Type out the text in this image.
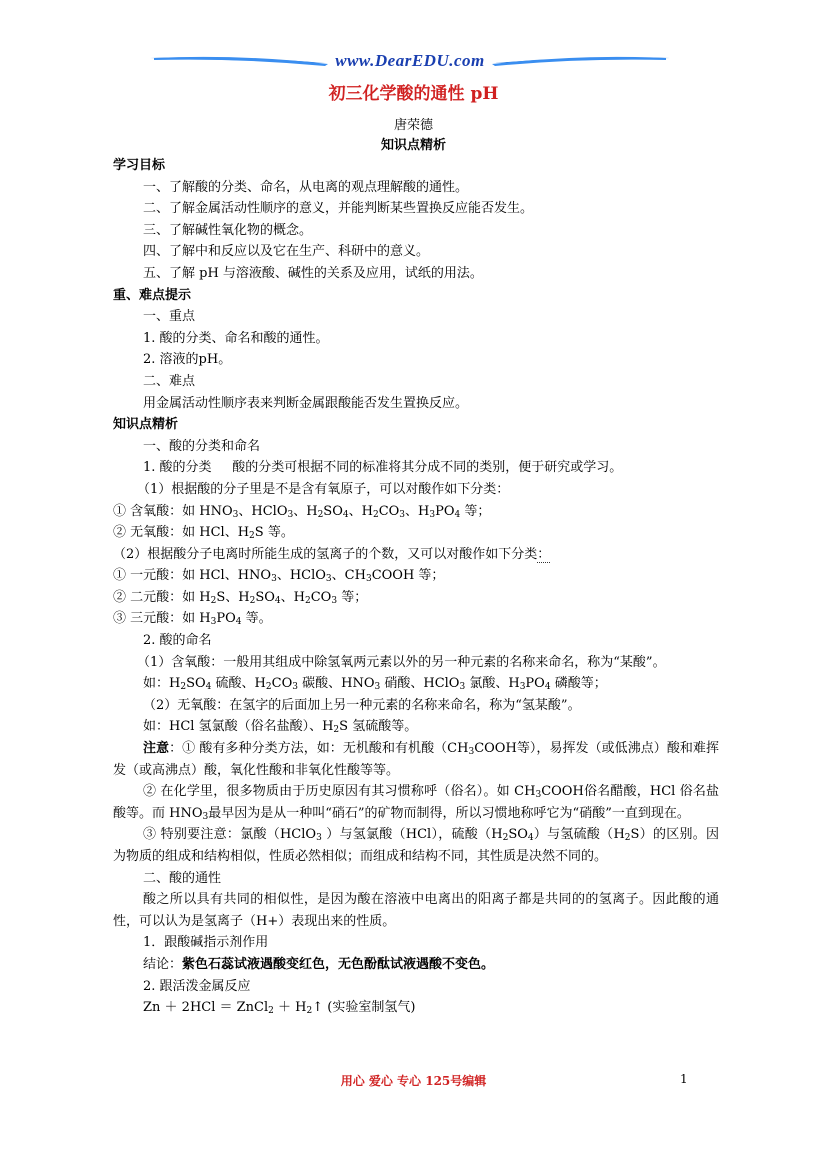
www.DearEDU.com
初三化学酸的通性 pH
唐荣德
知识点精析

学习目标

一、了解酸的分类、命名，从电离的观点理解酸的通性。

二、了解金属活动性顺序的意义，并能判断某些置换反应能否发生。

三、了解碱性氧化物的概念。

四、了解中和反应以及它在生产、科研中的意义。

五、了解 pH 与溶液酸、碱性的关系及应用，试纸的用法。

重、难点提示

一、重点

1. 酸的分类、命名和酸的通性。

2. 溶液的pH。

二、难点

用金属活动性顺序表来判断金属跟酸能否发生置换反应。

知识点精析

一、酸的分类和命名

1. 酸的分类 酸的分类可根据不同的标准将其分成不同的类别，便于研究或学习。

（1）根据酸的分子里是不是含有氧原子，可以对酸作如下分类：

① 含氧酸：如 $HNO_3$、HClO$_3$、$H_2SO_4$、$H_2CO_3$、$H_3PO_4$ 等；

② 无氧酸：如 HCl、$H_2S$ 等。

（2）根据酸分子电离时所能生成的氢离子的个数，又可以对酸作如下分类：

① 一元酸：如 HCl、$HNO_3$、HClO$_3$、$CH_3COOH$ 等；

② 二元酸：如 $H_2S$、$H_2SO_4$、$H_2CO_3$ 等；

③ 三元酸：如 $H_3PO_4$ 等。

2. 酸的命名

（1）含氧酸：一般用其组成中除氢氧两元素以外的另一种元素的名称来命名，称为“某酸”。

如：$H_2SO_4$ 硫酸、$H_2CO_3$ 碳酸、$HNO_3$ 硝酸、HClO$_3$ 氯酸、$H_3PO_4$ 磷酸等；

（2）无氧酸：在氢字的后面加上另一种元素的名称来命名，称为“氢某酸”。

如：HCl 氢氯酸（俗名盐酸）、$H_2S$ 氢硫酸等。

注意：① 酸有多种分类方法，如：无机酸和有机酸（$CH_3COOH$等），易挥发（或低沸点）酸和难挥发（或高沸点）酸，氧化性酸和非氧化性酸等等。

② 在化学里，很多物质由于历史原因有其习惯称呼（俗名）。如 $CH_3COOH$俗名醋酸，HCl 俗名盐酸等。而 $HNO_3$最早因为是从一种叫“硝石”的矿物而制得，所以习惯地称呼它为“硝酸”一直到现在。

③ 特别要注意：氯酸（HClO$_3$ ）与氢氯酸（HCl），硫酸$(H_2SO_4)$与氢硫酸$(H_2S)$的区别。因为物质的组成和结构相似，性质必然相似；而组成和结构不同，其性质是决然不同的。

二、酸的通性

酸之所以具有共同的相似性，是因为酸在溶液中电离出的阳离子都是共同的的氢离子。因此酸的通性，可以认为是氢离子（H+）表现出来的性质。

1．跟酸碱指示剂作用

结论：紫色石蕊试液遇酸变红色，无色酚酞试液遇酸不变色。

2. 跟活泼金属反应

Zn ＋ 2HCl ＝ ZnCl$_2$ ＋ $H_2↑$ (实验室制氢气)

用心 爱心 专心 125号编辑	1
